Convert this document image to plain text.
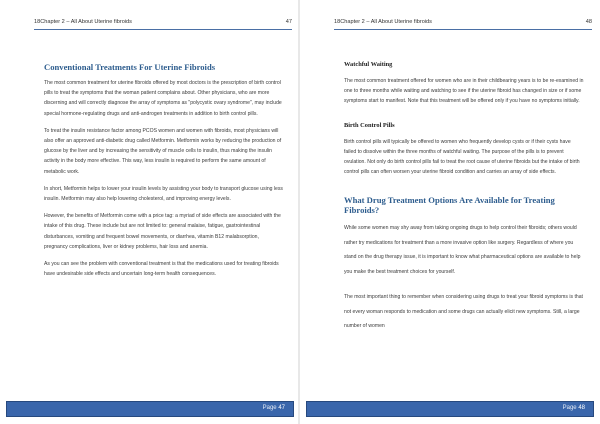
18Chapter 2 – All About Uterine fibroids	47
Conventional Treatments For Uterine Fibroids

The most common treatment for uterine fibroids offered by most doctors is the prescription of birth control pills to treat the symptoms that the woman patient complains about. Other physicians, who are more discerning and will correctly diagnose the array of symptoms as "polycystic ovary syndrome", may include special hormone-regulating drugs and anti-androgen treatments in addition to birth control pills.

To treat the insulin resistance factor among PCOS women and women with fibroids, most physicians will also offer an approved anti-diabetic drug called Metformin. Metformin works by reducing the production of glucose by the liver and by increasing the sensitivity of muscle cells to insulin, thus making the insulin activity in the body more effective. This way, less insulin is required to perform the same amount of metabolic work.

In short, Metformin helps to lower your insulin levels by assisting your body to transport glucose using less insulin. Metformin may also help lowering cholesterol, and improving energy levels.

However, the benefits of Metformin come with a price tag: a myriad of side effects are associated with the intake of this drug. These include but are not limited to: general malaise, fatigue, gastrointestinal disturbances, vomiting and frequent bowel movements, or diarrhea, vitamin B12 malabsorption, pregnancy complications, liver or kidney problems, hair loss and anemia.

As you can see the problem with conventional treatment is that the medications used for treating fibroids have undesirable side effects and uncertain long-term health consequences.

Page 47
18Chapter 2 – All About Uterine fibroids	48
Watchful Waiting

The most common treatment offered for women who are in their childbearing years is to be re-examined in one to three months while waiting and watching to see if the uterine fibroid has changed in size or if some symptoms start to manifest. Note that this treatment will be offered only if you have no symptoms initially.

Birth Control Pills

Birth control pills will typically be offered to women who frequently develop cysts or if their cysts have failed to dissolve within the three months of watchful waiting. The purpose of the pills is to prevent ovulation. Not only do birth control pills fail to treat the root cause of uterine fibroids but the intake of birth control pills can often worsen your uterine fibroid condition and carries an array of side effects.

What Drug Treatment Options Are Available for Treating Fibroids?

While some women may shy away from taking ongoing drugs to help control their fibroids; others would rather try medications for treatment than a more invasive option like surgery. Regardless of where you stand on the drug therapy issue, it is important to know what pharmaceutical options are available to help you make the best treatment choices for yourself.

The most important thing to remember when considering using drugs to treat your fibroid symptoms is that not every woman responds to medication and some drugs can actually elicit new symptoms. Still, a large number of women

Page 48
